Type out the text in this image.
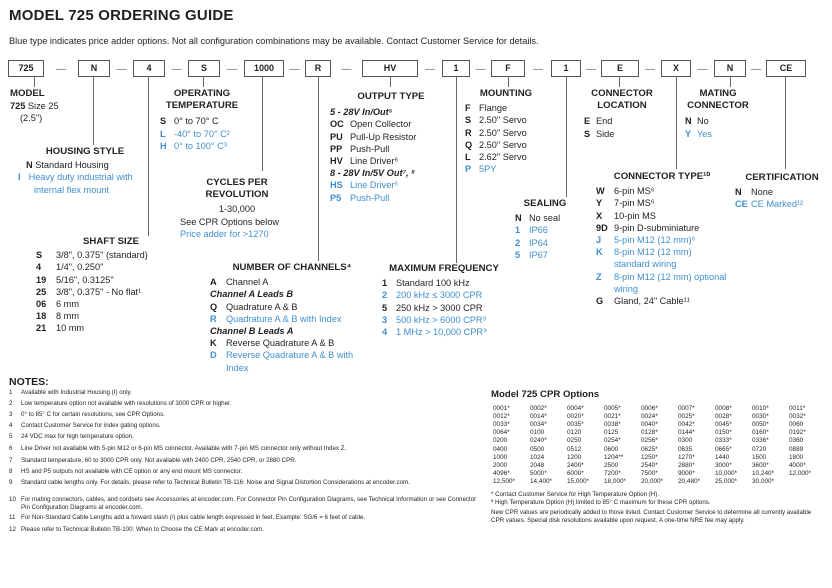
MODEL 725 ORDERING GUIDE
Blue type indicates price adder options. Not all configuration combinations may be available. Contact Customer Service for details.
725	—	N	—	4	—	S	—	1000	—	R	—	HV	—	1	—	F	—	1	—	E	—	X	—	N	—	CE
MODEL
725 Size 25
(2.5")
HOUSING STYLE
N Standard Housing
I Heavy duty industrial with internal flex mount
SHAFT SIZE
S 3/8", 0.375" (standard)
4 1/4", 0.250"
19 5/16", 0.3125"
25 3/8", 0.375" - No flat¹
06 6 mm
18 8 mm
21 10 mm
OPERATING TEMPERATURE
S 0° to 70° C
L -40° to 70° C²
H 0° to 100° C³
CYCLES PER REVOLUTION
1-30,000
See CPR Options below
Price adder for >1270
NUMBER OF CHANNELS⁴
A Channel A
Channel A Leads B
Q Quadrature A & B
R Quadrature A & B with Index
Channel B Leads A
K Reverse Quadrature A & B
D Reverse Quadrature A & B with Index
OUTPUT TYPE
5 - 28V In/Out⁵
OC Open Collector
PU Pull-Up Resistor
PP Push-Pull
HV Line Driver⁶
8 - 28V In/5V Out⁷, ⁸
HS Line Driver⁶
P5 Push-Pull
MAXIMUM FREQUENCY
1 Standard 100 kHz
2 200 kHz ≤ 3000 CPR
5 250 kHz > 3000 CPR
3 500 kHz > 6000 CPR⁹
4 1 MHz > 10,000 CPR⁹
MOUNTING
F Flange
S 2.50" Servo
R 2.50" Servo
Q 2.50" Servo
L 2.62" Servo
P 5PY
SEALING
N No seal
1 IP66
2 IP64
5 IP67
CONNECTOR LOCATION
E End
S Side
MATING CONNECTOR
N No
Y Yes
CONNECTOR TYPE¹⁰
W 6-pin MS⁶
Y 7-pin MS⁶
X 10-pin MS
9D 9-pin D-subminiature
J 5-pin M12 (12 mm)⁶
K 8-pin M12 (12 mm) standard wiring
Z 8-pin M12 (12 mm) optional wiring
G Gland, 24" Cable¹¹
CERTIFICATION
N None
CE CE Marked¹²
NOTES:
1 Available with Industrial Housing (I) only.
2 Low temperature option not available with resolutions of 3000 CPR or higher.
3 0° to 85° C for certain resolutions, see CPR Options.
4 Contact Customer Service for index gating options.
5 24 VDC max for high temperature option.
6 Line Driver not available with 5-pin M12 or 6-pin MS connector. Available with 7-pin MS connector only without Index Z.
7 Standard temperature, 60 to 3000 CPR only. Not available with 2400 CPR, 2540 CPR, or 2880 CPR.
8 HS and P5 outputs not available with CE option or any end mount MS connector.
9 Standard cable lengths only. For details, please refer to Technical Bulletin TB-116: Noise and Signal Distortion Considerations at encoder.com.
10 For mating connectors, cables, and cordsets see Accessories at encoder.com. For Connector Pin Configuration Diagrams, see Technical Information or see Connector Pin Configuration Diagrams at encoder.com.
11 For Non-Standard Cable Lengths add a forward slash (/) plus cable length expressed in feet. Example: SG/6 = 6 feet of cable.
12 Please refer to Technical Bulletin TB-100: When to Choose the CE Mark at encoder.com.
Model 725 CPR Options
0001*	0002*	0004*	0005*	0006*	0007*	0008*	0010*	0011*
0012*	0014*	0020*	0021*	0024*	0025*	0028*	0030*	0032*
0033*	0034*	0035*	0038*	0040*	0042*	0045*	0050*	0060
0064*	0100	0120	0125	0128*	0144*	0150*	0160*	0192*
0200	0240*	0250	0254*	0256*	0300	0333*	0336*	0360
0400	0500	0512	0600	0625*	0635	0665*	0720	0889
1000	1024	1200	1204**	1250*	1270*	1440	1500	1800
2000	2048	2400*	2500	2540*	2880*	3000*	3600*	4000*
4096*	5000*	6000*	7200*	7500*	9000*	10,000* 10,240* 12,000*
12,500* 14,400* 15,000* 18,000* 20,000* 20,480* 25,000* 30,000*
* Contact Customer Service for High Temperature Option (H).
ª High Temperature Option (H) limited to 85° C maximum for these CPR options.
New CPR values are periodically added to those listed. Contact Customer Service to determine all currently available CPR values. Special disk resolutions available upon request. A one-time NRE fee may apply.
